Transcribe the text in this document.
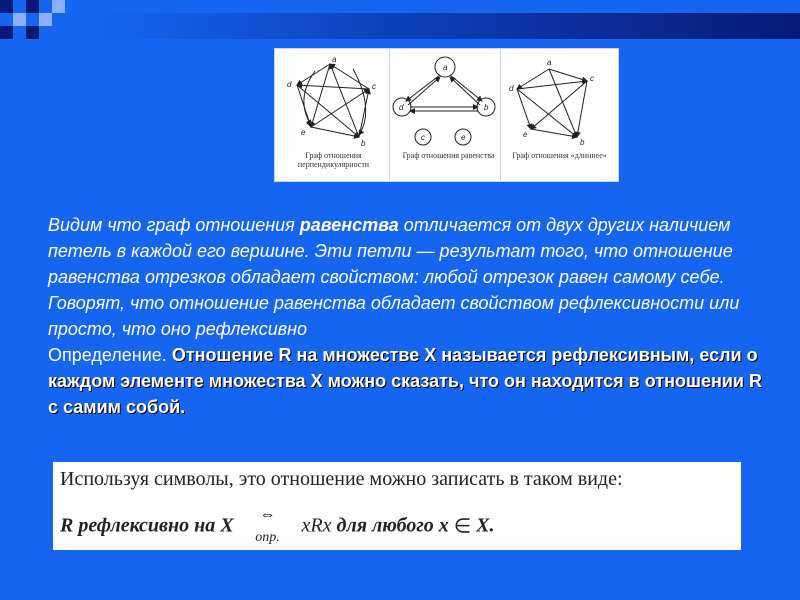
a
c
d
e
b
Граф отношения перпендикулярности
a
d	b
c	e
Граф отношения равенства
a
c
d
e
b
Граф отношения «длиннее»

Видим что граф отношения равенства отличается от двух других наличием петель в каждой его вершине. Эти петли — результат того, что отношение равенства отрезков обладает свойством: любой отрезок равен самому себе. Говорят, что отношение равенства обладает свойством рефлексивности или просто, что оно рефлексивно

Определение. Отношение R на множестве X называется рефлексивным, если о каждом элементе множества X можно сказать, что он находится в отношении R с самим собой.

Используя символы, это отношение можно записать в таком виде:
R рефлексивно на X	⇔
опр.
xRx для любого x ∈ X.
